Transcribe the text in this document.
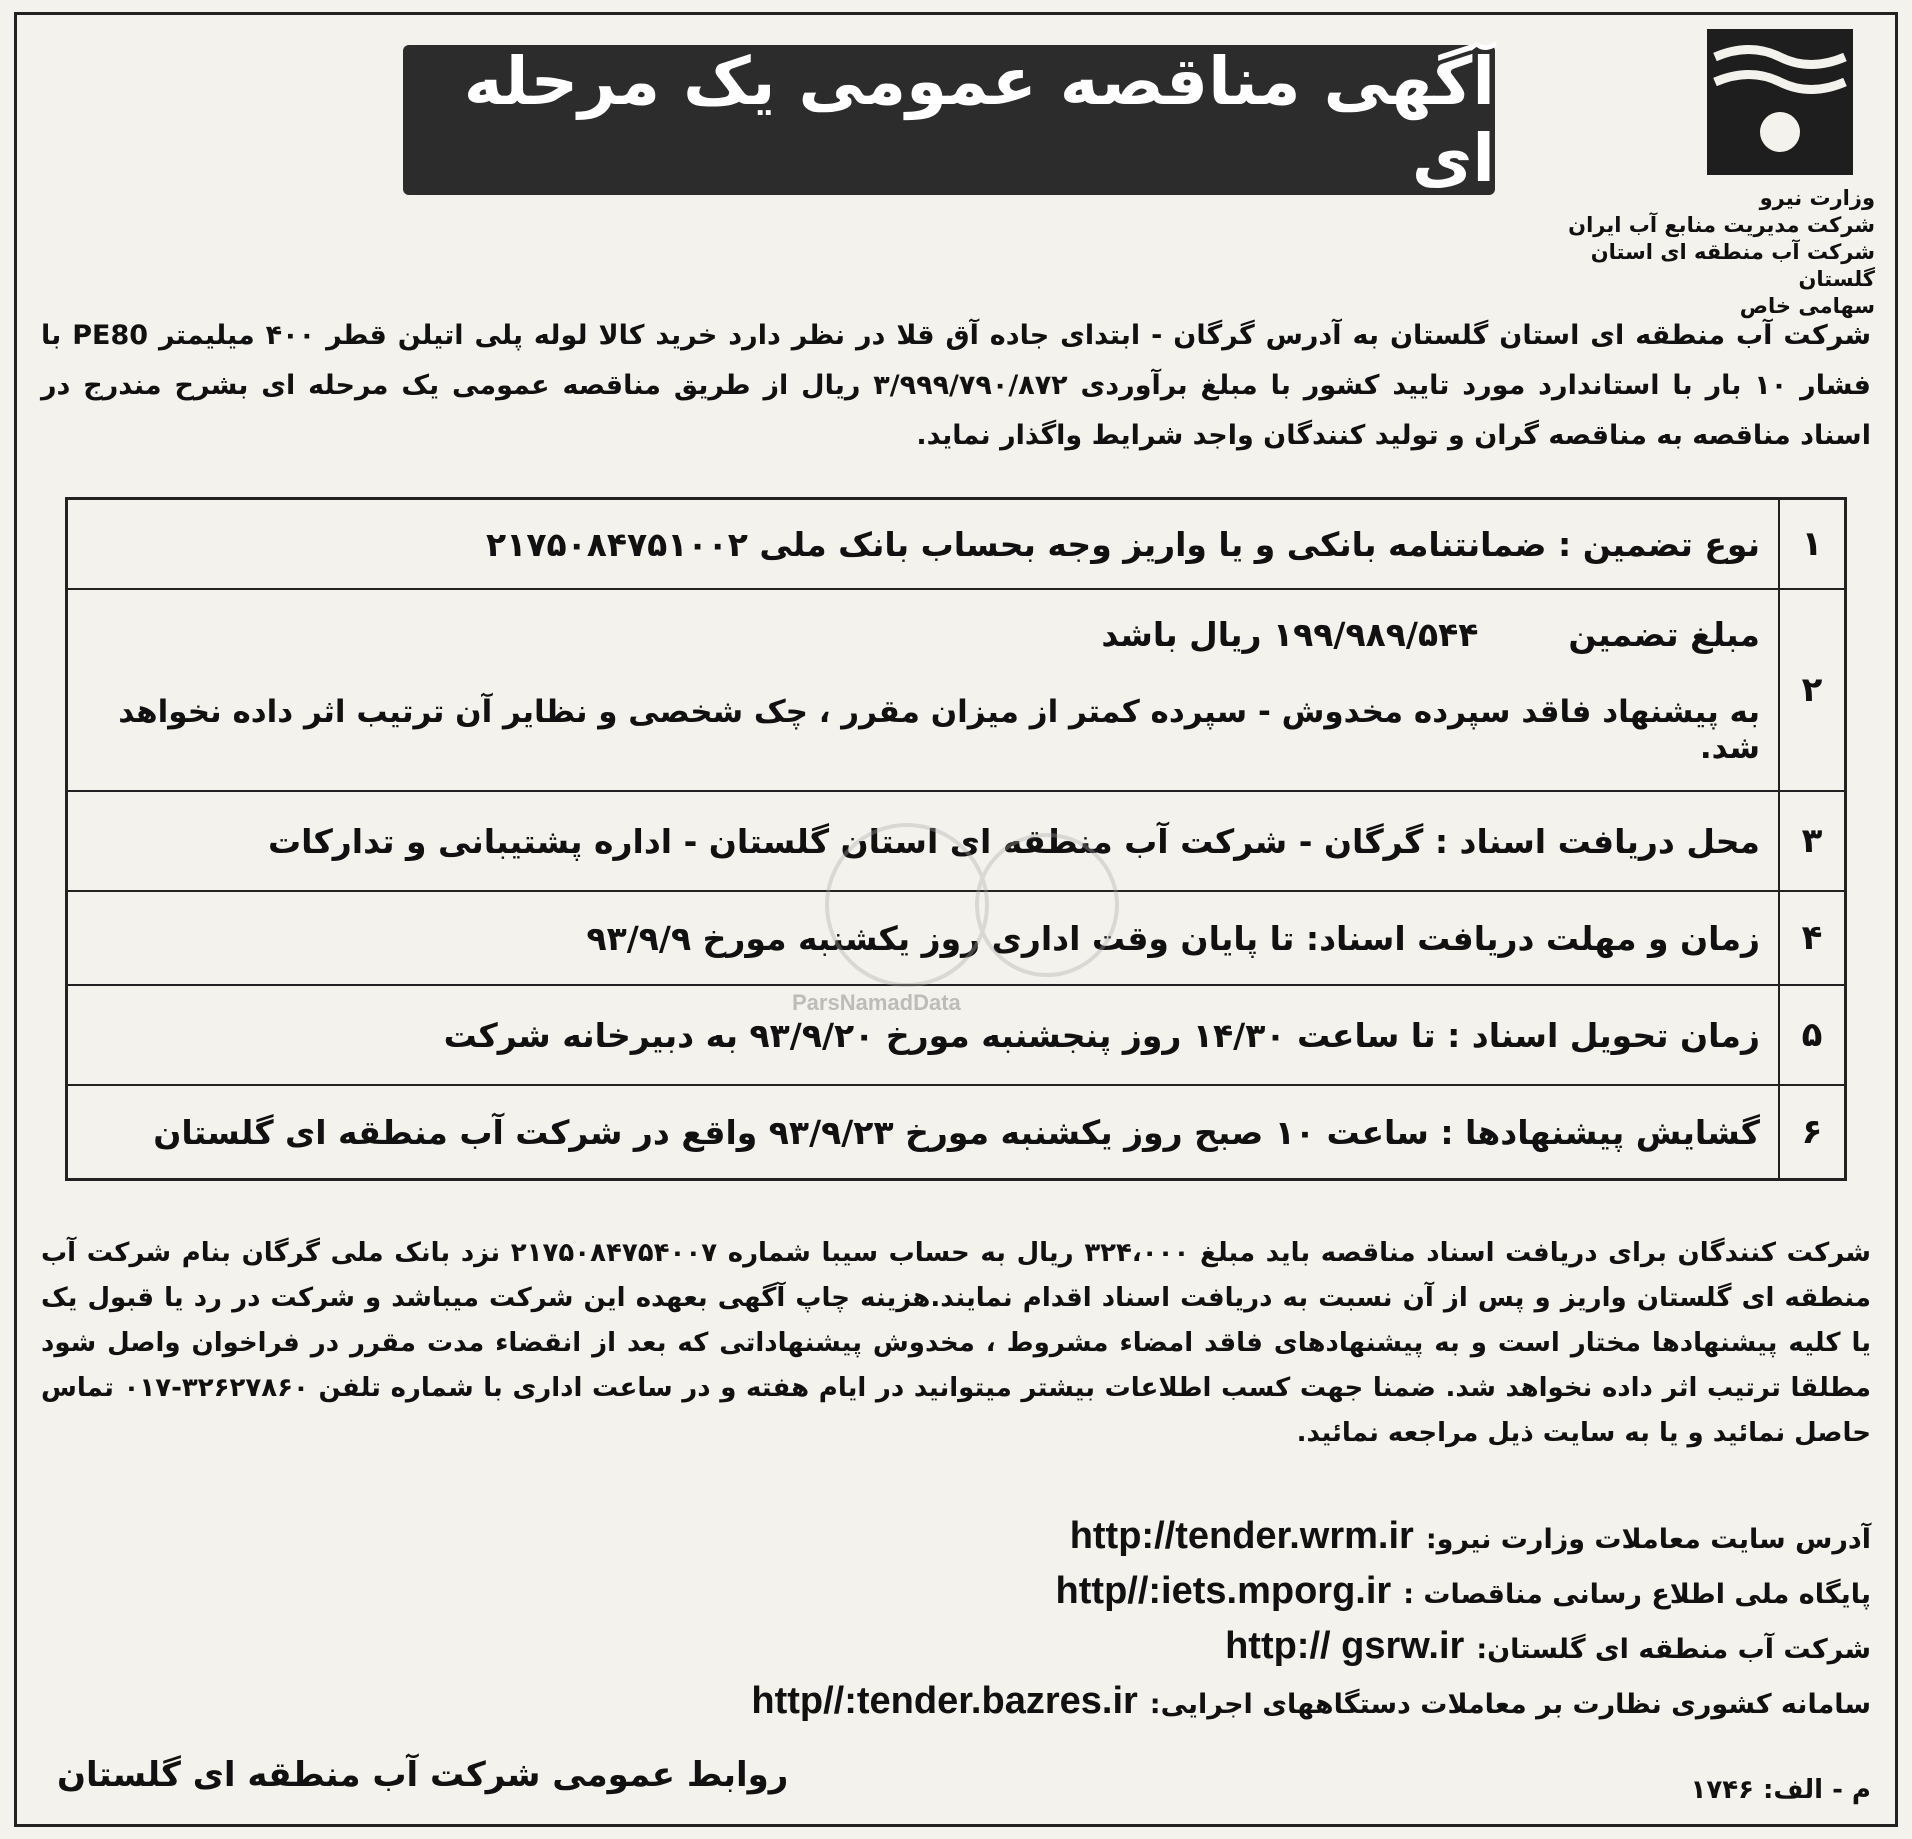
وزارت نیرو
شرکت مدیریت منابع آب ایران
شرکت آب منطقه ای استان گلستان
سهامی خاص
آگهی مناقصه عمومی یک مرحله ای
شرکت آب منطقه ای استان گلستان به آدرس گرگان - ابتدای جاده آق قلا در نظر دارد خرید کالا لوله پلی اتیلن قطر ۴۰۰ میلیمتر PE80 با فشار ۱۰ بار با استاندارد مورد تایید کشور با مبلغ برآوردی ۳/۹۹۹/۷۹۰/۸۷۲ ریال از طریق مناقصه عمومی یک مرحله ای بشرح مندرج در اسناد مناقصه به مناقصه گران و تولید کنندگان واجد شرایط واگذار نماید.
۱
نوع تضمین : ضمانتنامه بانکی و یا واریز وجه بحساب بانک ملی ۲۱۷۵۰۸۴۷۵۱۰۰۲
۲
مبلغ تضمین
۱۹۹/۹۸۹/۵۴۴ ریال باشد
به پیشنهاد فاقد سپرده مخدوش - سپرده کمتر از میزان مقرر ، چک شخصی و نظایر آن ترتیب اثر داده نخواهد شد.
۳
محل دریافت اسناد : گرگان - شرکت آب منطقه ای استان گلستان - اداره پشتیبانی و تدارکات
۴
زمان و مهلت دریافت اسناد: تا پایان وقت اداری روز یکشنبه مورخ ۹۳/۹/۹
۵
زمان تحویل اسناد : تا ساعت ۱۴/۳۰ روز پنجشنبه مورخ ۹۳/۹/۲۰ به دبیرخانه شرکت
۶
گشایش پیشنهادها : ساعت ۱۰ صبح روز یکشنبه مورخ ۹۳/۹/۲۳ واقع در شرکت آب منطقه ای گلستان
شرکت کنندگان برای دریافت اسناد مناقصه باید مبلغ ۳۲۴،۰۰۰ ریال به حساب سیبا شماره ۲۱۷۵۰۸۴۷۵۴۰۰۷ نزد بانک ملی گرگان بنام شرکت آب منطقه ای گلستان واریز و پس از آن نسبت به دریافت اسناد اقدام نمایند.هزینه چاپ آگهی بعهده این شرکت میباشد و شرکت در رد یا قبول یک یا کلیه پیشنهادها مختار است و به پیشنهادهای فاقد امضاء مشروط ، مخدوش پیشنهاداتی که بعد از انقضاء مدت مقرر در فراخوان واصل شود مطلقا ترتیب اثر داده نخواهد شد. ضمنا جهت کسب اطلاعات بیشتر میتوانید در ایام هفته و در ساعت اداری با شماره تلفن ۳۲۶۲۷۸۶۰-۰۱۷ تماس حاصل نمائید و یا به سایت ذیل مراجعه نمائید.
آدرس سایت معاملات وزارت نیرو:
http://tender.wrm.ir
پایگاه ملی اطلاع رسانی مناقصات :
http//:iets.mporg.ir
شرکت آب منطقه ای گلستان:
http:// gsrw.ir
سامانه کشوری نظارت بر معاملات دستگاههای اجرایی:
http//:tender.bazres.ir
روابط عمومی شرکت آب منطقه ای گلستان	م - الف: ۱۷۴۶
ParsNamadData
